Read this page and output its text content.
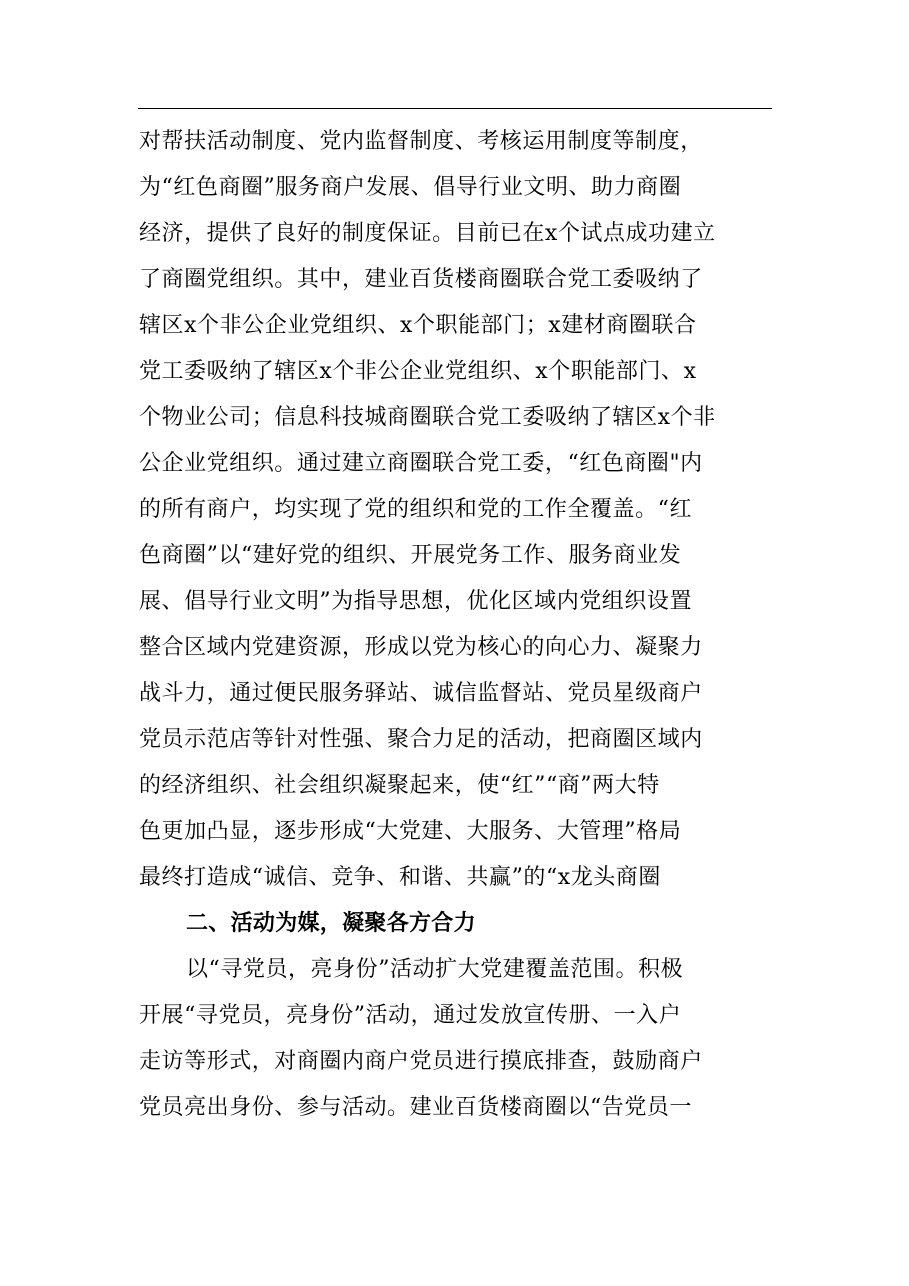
对帮扶活动制度、党内监督制度、考核运用制度等制度，
为“红色商圈”服务商户发展、倡导行业文明、助力商圈
经济，提供了良好的制度保证。目前已在x个试点成功建立
了商圈党组织。其中，建业百货楼商圈联合党工委吸纳了
辖区x个非公企业党组织、x个职能部门；x建材商圈联合
党工委吸纳了辖区x个非公企业党组织、x个职能部门、x
个物业公司；信息科技城商圈联合党工委吸纳了辖区x个非
公企业党组织。通过建立商圈联合党工委，“红色商圈"内
的所有商户，均实现了党的组织和党的工作全覆盖。“红
色商圈”以“建好党的组织、开展党务工作、服务商业发
展、倡导行业文明”为指导思想，优化区域内党组织设置
整合区域内党建资源，形成以党为核心的向心力、凝聚力
战斗力，通过便民服务驿站、诚信监督站、党员星级商户
党员示范店等针对性强、聚合力足的活动，把商圈区域内
的经济组织、社会组织凝聚起来，使“红”“商”两大特
色更加凸显，逐步形成“大党建、大服务、大管理”格局
最终打造成“诚信、竞争、和谐、共赢”的“x龙头商圈
二、活动为媒，凝聚各方合力
以“寻党员，亮身份”活动扩大党建覆盖范围。积极
开展“寻党员，亮身份”活动，通过发放宣传册、一入户
走访等形式，对商圈内商户党员进行摸底排查，鼓励商户
党员亮出身份、参与活动。建业百货楼商圈以“告党员一
